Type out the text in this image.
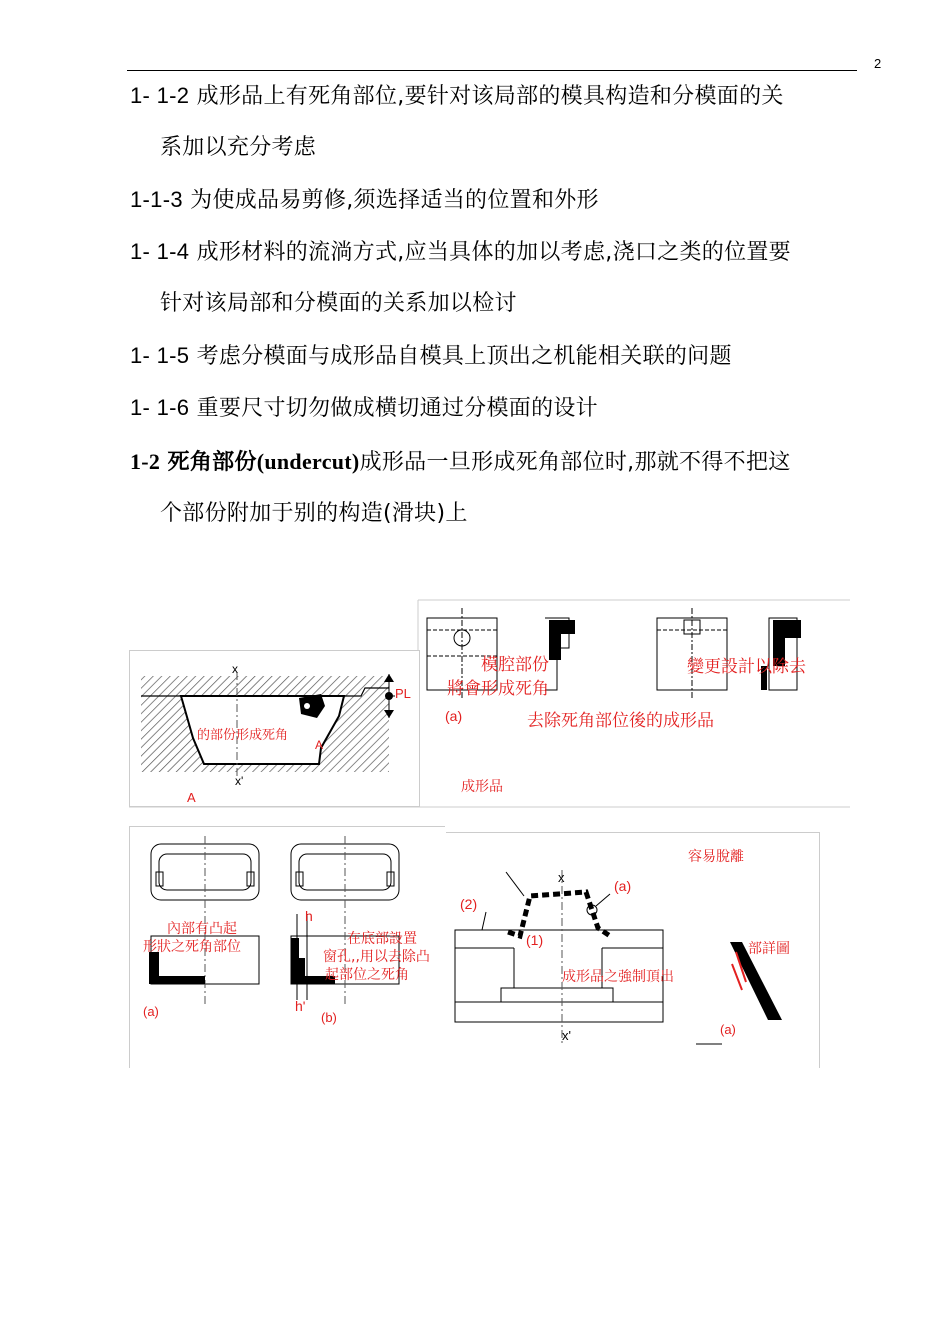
2
1- 1-2 成形品上有死角部位,要针对该局部的模具构造和分模面的关
系加以充分考虑
1-1-3 为使成品易剪修,须选择适当的位置和外形
1- 1-4 成形材料的流淌方式,应当具体的加以考虑,浇口之类的位置要
针对该局部和分模面的关系加以检讨
1- 1-5 考虑分模面与成形品自模具上顶出之机能相关联的问题
1- 1-6 重要尺寸切勿做成横切通过分模面的设计
1-2 死角部份(undercut)成形品一旦形成死角部位时,那就不得不把这
个部份附加于别的构造(滑块)上
x
x'
PL
A
A
的部份形成死角
模腔部份
將會形成死角
變更設計以除去
(a)	去除死角部位後的成形品
成形品
內部有凸起
形狀之死角部位
(a)
h
h'
在底部設置
窗孔,,用以去除凸
起部位之死角
(b)
容易脫離
x
x'
(a)
(2)
(1)
成形品之強制頂出
部詳圖
(a)
